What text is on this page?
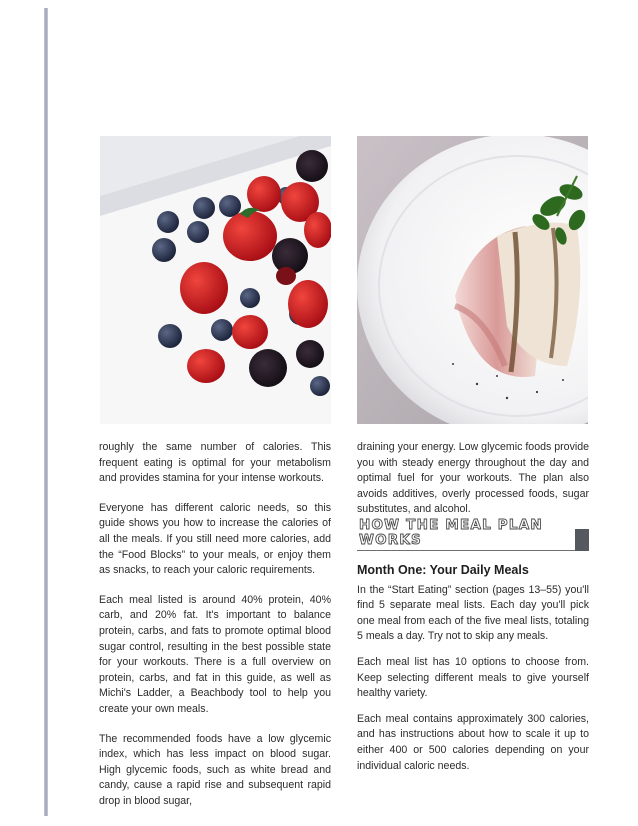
roughly the same number of calories. This frequent eating is optimal for your metabolism and provides stamina for your intense workouts.

Everyone has different caloric needs, so this guide shows you how to increase the calories of all the meals. If you still need more calories, add the “Food Blocks” to your meals, or enjoy them as snacks, to reach your caloric requirements.

Each meal listed is around 40% protein, 40% carb, and 20% fat. It's important to balance protein, carbs, and fats to promote optimal blood sugar control, resulting in the best possible state for your workouts. There is a full overview on protein, carbs, and fat in this guide, as well as Michi's Ladder, a Beachbody tool to help you create your own meals.

The recommended foods have a low glycemic index, which has less impact on blood sugar. High glycemic foods, such as white bread and candy, cause a rapid rise and subsequent rapid drop in blood sugar,

draining your energy. Low glycemic foods provide you with steady energy throughout the day and optimal fuel for your workouts. The plan also avoids additives, overly processed foods, sugar substitutes, and alcohol.

HOW THE MEAL PLAN WORKS
Month One: Your Daily Meals

In the “Start Eating” section (pages 13–55) you'll find 5 separate meal lists. Each day you'll pick one meal from each of the five meal lists, totaling 5 meals a day. Try not to skip any meals.

Each meal list has 10 options to choose from. Keep selecting different meals to give yourself healthy variety.

Each meal contains approximately 300 calories, and has instructions about how to scale it up to either 400 or 500 calories depending on your individual caloric needs.
